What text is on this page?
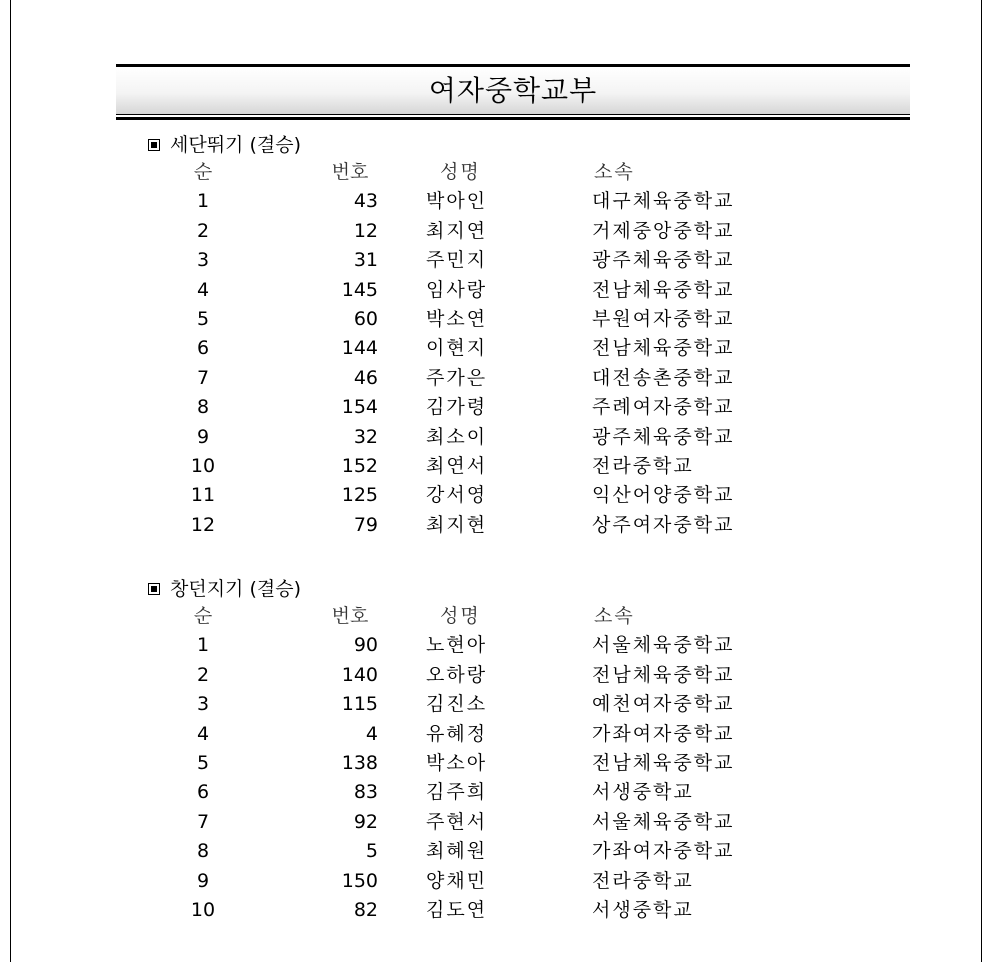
여자중학교부
세단뛰기 (결승)
순	번호	성명	소속
1	43	박아인	대구체육중학교
2	12	최지연	거제중앙중학교
3	31	주민지	광주체육중학교
4	145	임사랑	전남체육중학교
5	60	박소연	부원여자중학교
6	144	이현지	전남체육중학교
7	46	주가은	대전송촌중학교
8	154	김가령	주례여자중학교
9	32	최소이	광주체육중학교
10	152	최연서	전라중학교
11	125	강서영	익산어양중학교
12	79	최지현	상주여자중학교
창던지기 (결승)
순	번호	성명	소속
1	90	노현아	서울체육중학교
2	140	오하랑	전남체육중학교
3	115	김진소	예천여자중학교
4	4	유혜정	가좌여자중학교
5	138	박소아	전남체육중학교
6	83	김주희	서생중학교
7	92	주현서	서울체육중학교
8	5	최혜원	가좌여자중학교
9	150	양채민	전라중학교
10	82	김도연	서생중학교
